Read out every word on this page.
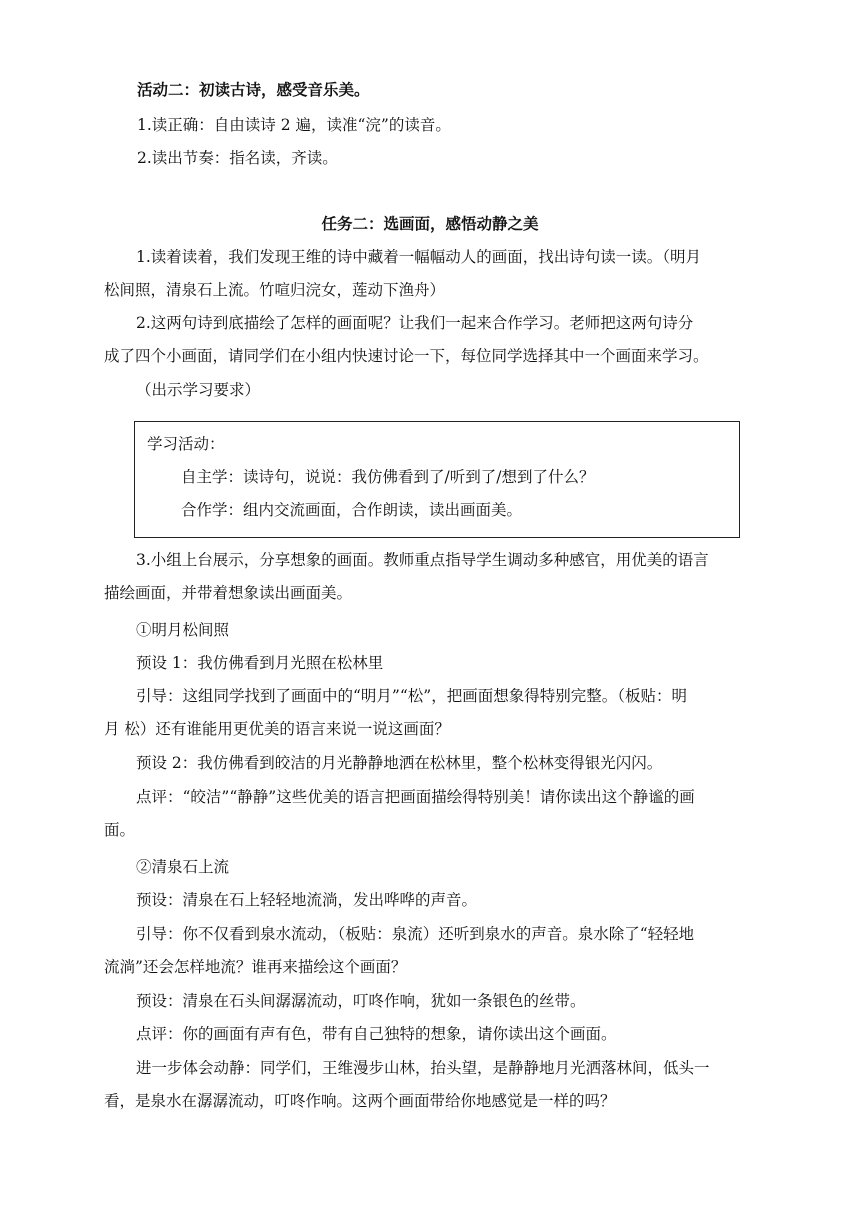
活动二：初读古诗，感受音乐美。
1.读正确：自由读诗 2 遍，读准“浣”的读音。
2.读出节奏：指名读，齐读。
任务二：选画面，感悟动静之美
1.读着读着，我们发现王维的诗中藏着一幅幅动人的画面，找出诗句读一读。（明月
松间照，清泉石上流。竹喧归浣女，莲动下渔舟）
2.这两句诗到底描绘了怎样的画面呢？让我们一起来合作学习。老师把这两句诗分
成了四个小画面，请同学们在小组内快速讨论一下，每位同学选择其中一个画面来学习。
（出示学习要求）
学习活动：
自主学：读诗句，说说：我仿佛看到了/听到了/想到了什么？
合作学：组内交流画面，合作朗读，读出画面美。
3.小组上台展示，分享想象的画面。教师重点指导学生调动多种感官，用优美的语言
描绘画面，并带着想象读出画面美。
①明月松间照
预设 1：我仿佛看到月光照在松林里
引导：这组同学找到了画面中的“明月”“松”，把画面想象得特别完整。（板贴：明
月 松）还有谁能用更优美的语言来说一说这画面？
预设 2：我仿佛看到皎洁的月光静静地洒在松林里，整个松林变得银光闪闪。
点评：“皎洁”“静静”这些优美的语言把画面描绘得特别美！请你读出这个静谧的画
面。
②清泉石上流
预设：清泉在石上轻轻地流淌，发出哗哗的声音。
引导：你不仅看到泉水流动，（板贴：泉流）还听到泉水的声音。泉水除了“轻轻地
流淌”还会怎样地流？谁再来描绘这个画面？
预设：清泉在石头间潺潺流动，叮咚作响，犹如一条银色的丝带。
点评：你的画面有声有色，带有自己独特的想象，请你读出这个画面。
进一步体会动静：同学们，王维漫步山林，抬头望，是静静地月光洒落林间，低头一
看，是泉水在潺潺流动，叮咚作响。这两个画面带给你地感觉是一样的吗？
